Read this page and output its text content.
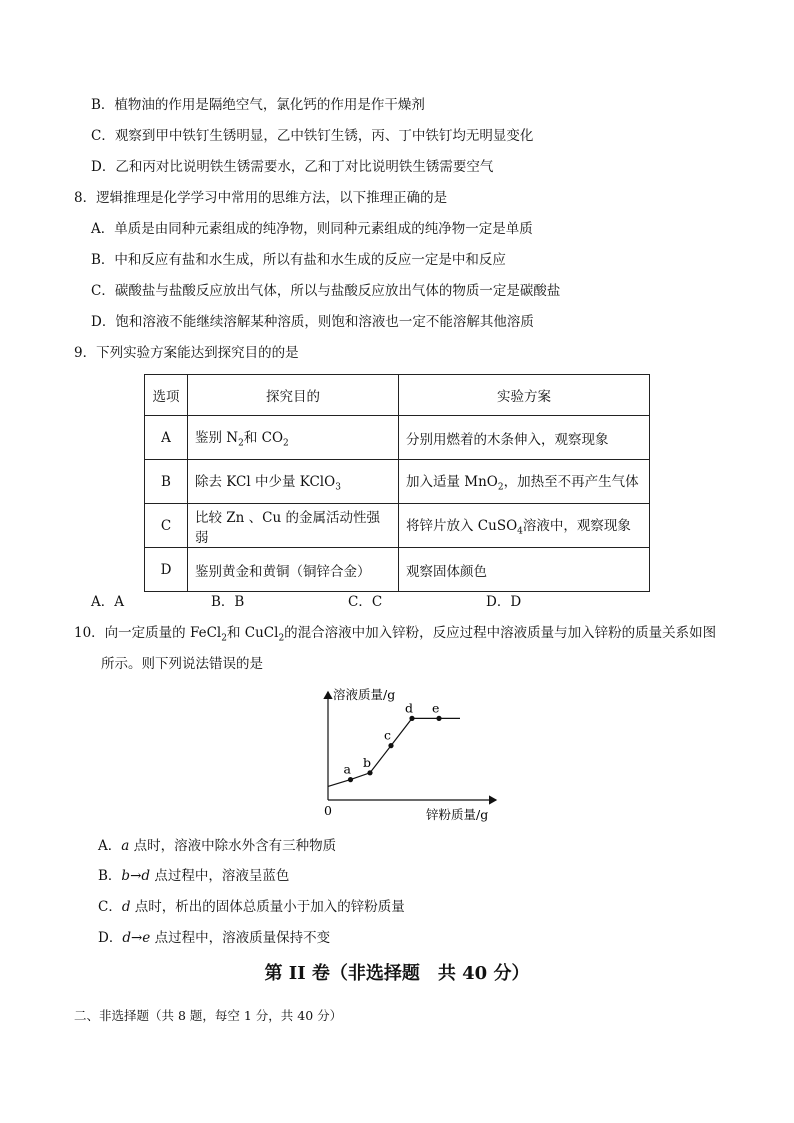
B．植物油的作用是隔绝空气，氯化钙的作用是作干燥剂
C．观察到甲中铁钉生锈明显，乙中铁钉生锈，丙、丁中铁钉均无明显变化
D．乙和丙对比说明铁生锈需要水，乙和丁对比说明铁生锈需要空气
8．逻辑推理是化学学习中常用的思维方法，以下推理正确的是
A．单质是由同种元素组成的纯净物，则同种元素组成的纯净物一定是单质
B．中和反应有盐和水生成，所以有盐和水生成的反应一定是中和反应
C．碳酸盐与盐酸反应放出气体，所以与盐酸反应放出气体的物质一定是碳酸盐
D．饱和溶液不能继续溶解某种溶质，则饱和溶液也一定不能溶解其他溶质
9．下列实验方案能达到探究目的的是
选项	探究目的	实验方案
A	鉴别 $N_2$和 $CO_2$	分别用燃着的木条伸入，观察现象
B	除去 KCl 中少量 KClO$_3$	加入适量 MnO$_2$，加热至不再产生气体
C	比较 Zn 、Cu 的金属活动性强弱	将锌片放入 CuSO$_4$溶液中，观察现象
D	鉴别黄金和黄铜（铜锌合金）	观察固体颜色
A．A	B．B	C．C	D．D
10．向一定质量的 FeCl$_2$和 CuCl$_2$的混合溶液中加入锌粉，反应过程中溶液质量与加入锌粉的质量关系如图
所示。则下列说法错误的是
溶液质量/g
锌粉质量/g
0
a b
c
d e
A．a 点时，溶液中除水外含有三种物质
B．b→d 点过程中，溶液呈蓝色
C．d 点时，析出的固体总质量小于加入的锌粉质量
D．d→e 点过程中，溶液质量保持不变
第 II 卷（非选择题　共 40 分）
二、非选择题（共 8 题，每空 1 分，共 40 分）
